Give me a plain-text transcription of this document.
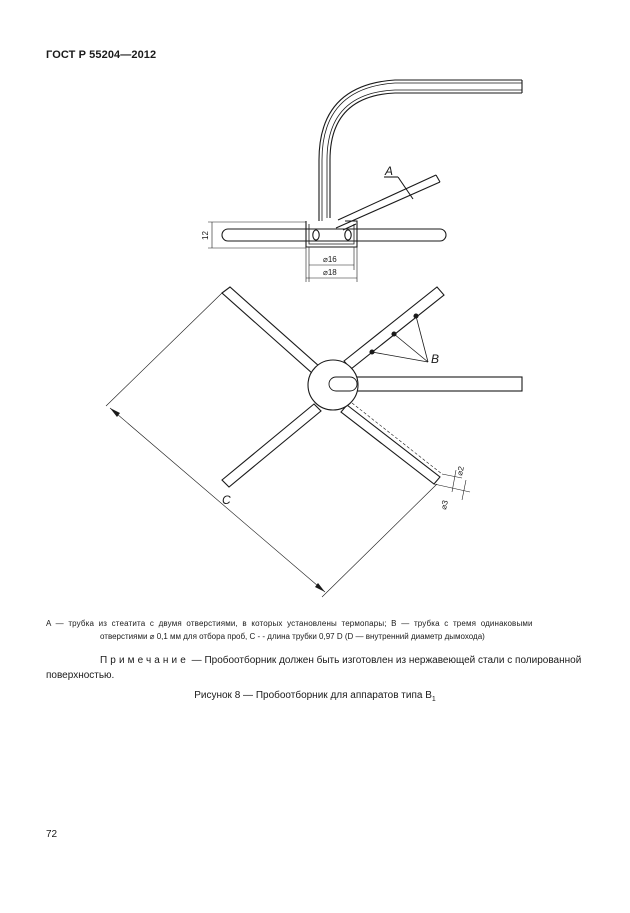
ГОСТ Р 55204—2012
A
12
⌀16
⌀18
B
C
⌀2
⌀3
A — трубка из стеатита с двумя отверстиями, в которых установлены термопары; B — трубка с тремя одинаковыми
отверстиями ⌀ 0,1 мм для отбора проб, C - - длина трубки 0,97 D (D — внутренний диаметр дымохода)
Примечание — Пробоотборник должен быть изготовлен из нержавеющей стали с полированной поверхностью.
Рисунок 8 — Пробоотборник для аппаратов типа $В_1$
72
